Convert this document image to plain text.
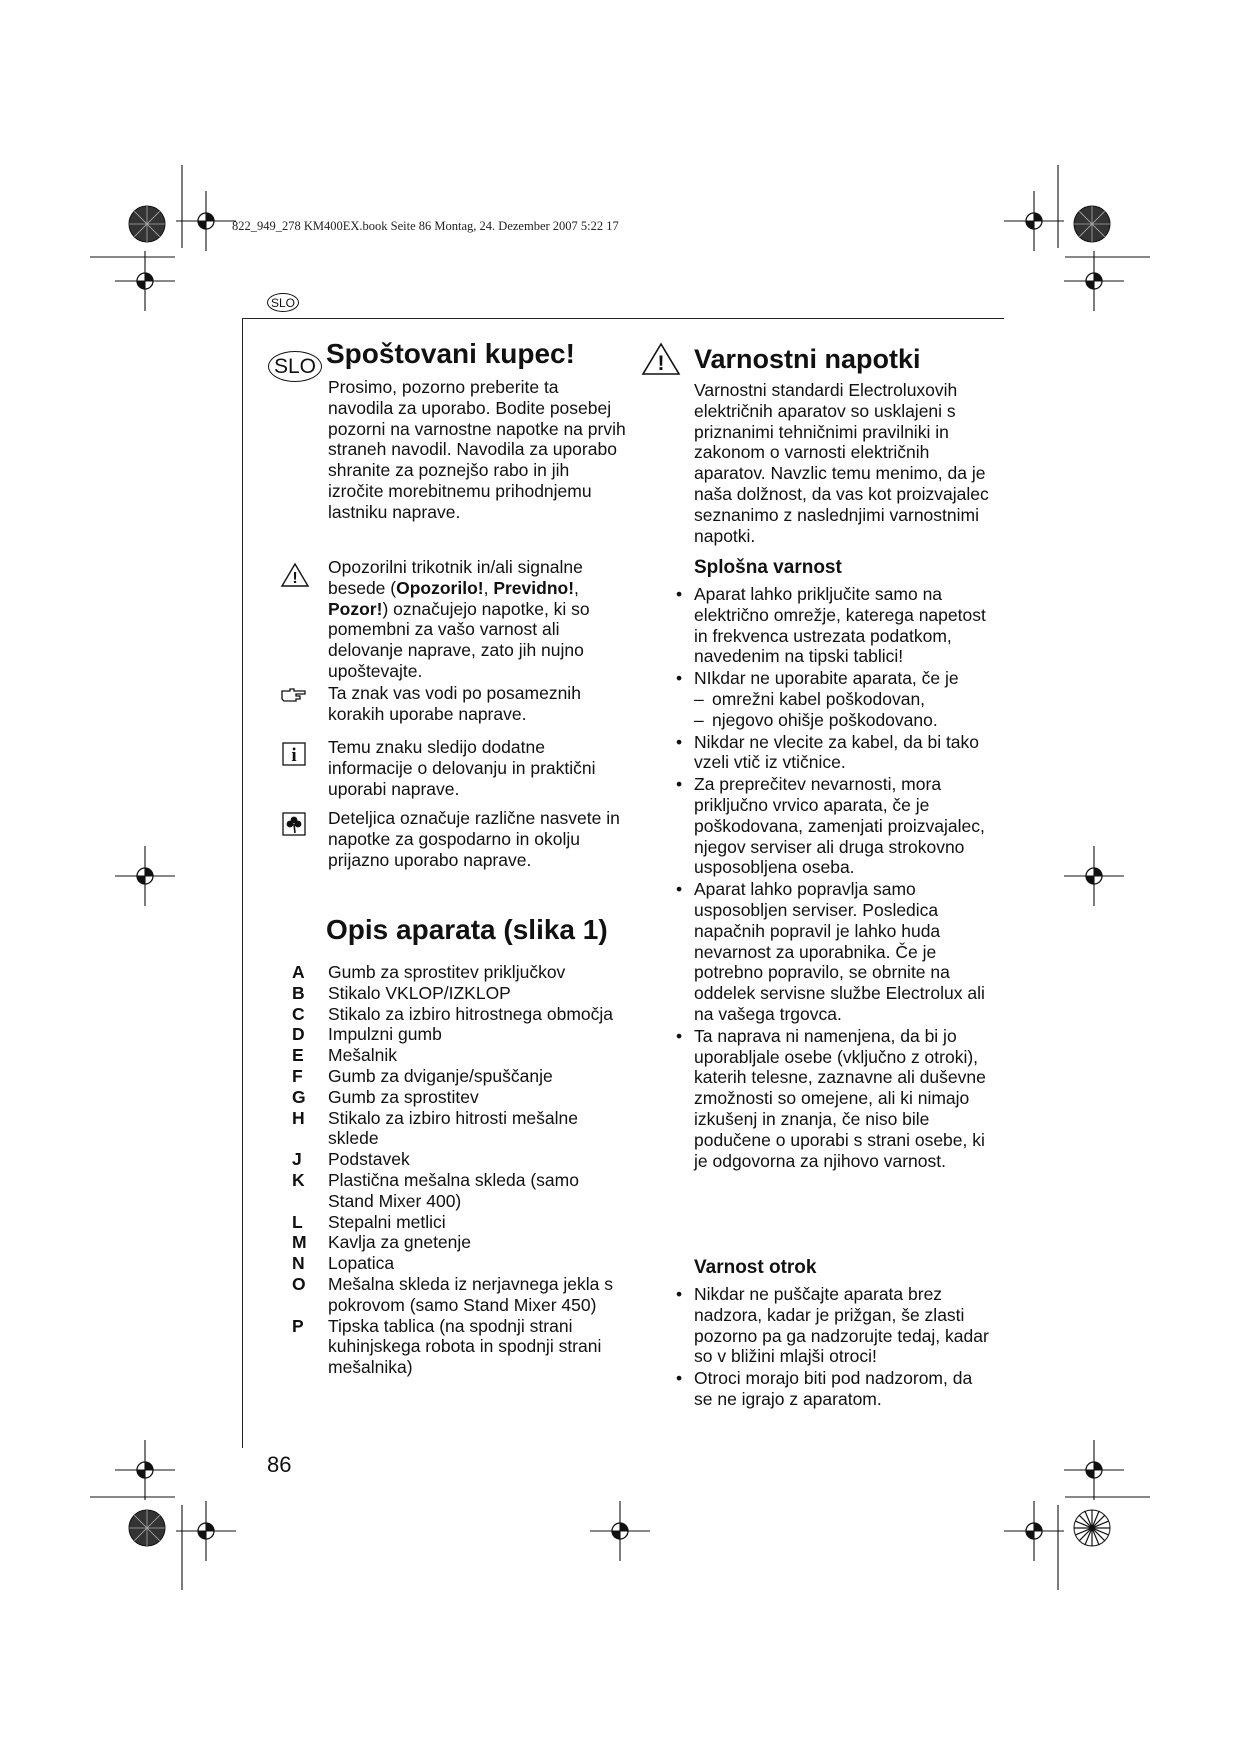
822_949_278 KM400EX.book Seite 86 Montag, 24. Dezember 2007 5:22 17
SLO
SLO Spoštovani kupec!

Prosimo, pozorno preberite ta navodila za uporabo. Bodite posebej pozorni na varnostne napotke na prvih straneh navodil. Navodila za uporabo shranite za poznejšo rabo in jih izročite morebitnemu prihodnjemu lastniku naprave.

!

Opozorilni trikotnik in/ali signalne besede (Opozorilo!, Previdno!, Pozor!) označujejo napotke, ki so pomembni za vašo varnost ali delovanje naprave, zato jih nujno upoštevajte.

Ta znak vas vodi po posameznih korakih uporabe naprave.

i Temu znaku sledijo dodatne informacije o delovanju in praktični uporabi naprave.

Deteljica označuje različne nasvete in napotke za gospodarno in okolju prijazno uporabo naprave.

Opis aparata (slika 1)
A	Gumb za sprostitev priključkov
B	Stikalo VKLOP/IZKLOP
C	Stikalo za izbiro hitrostnega območja
D	Impulzni gumb
E	Mešalnik
F	Gumb za dviganje/spuščanje
G	Gumb za sprostitev
H	Stikalo za izbiro hitrosti mešalne sklede
J	Podstavek
K	Plastična mešalna skleda (samo Stand Mixer 400)
L	Stepalni metlici
M	Kavlja za gnetenje
N	Lopatica
O	Mešalna skleda iz nerjavnega jekla s pokrovom (samo Stand Mixer 450)
P	Tipska tablica (na spodnji strani kuhinjskega robota in spodnji strani mešalnika)
! Varnostni napotki

Varnostni standardi Electroluxovih električnih aparatov so usklajeni s priznanimi tehničnimi pravilniki in zakonom o varnosti električnih aparatov. Navzlic temu menimo, da je naša dolžnost, da vas kot proizvajalec seznanimo z naslednjimi varnostnimi napotki.

Splošna varnost
• Aparat lahko priključite samo na električno omrežje, katerega napetost in frekvenca ustrezata podatkom, navedenim na tipski tablici!
• NIkdar ne uporabite aparata, če je
– omrežni kabel poškodovan,
– njegovo ohišje poškodovano.
• Nikdar ne vlecite za kabel, da bi tako vzeli vtič iz vtičnice.
• Za preprečitev nevarnosti, mora priključno vrvico aparata, če je poškodovana, zamenjati proizvajalec, njegov serviser ali druga strokovno usposobljena oseba.
• Aparat lahko popravlja samo usposobljen serviser. Posledica napačnih popravil je lahko huda nevarnost za uporabnika. Če je potrebno popravilo, se obrnite na oddelek servisne službe Electrolux ali na vašega trgovca.
• Ta naprava ni namenjena, da bi jo uporabljale osebe (vključno z otroki), katerih telesne, zaznavne ali duševne zmožnosti so omejene, ali ki nimajo izkušenj in znanja, če niso bile podučene o uporabi s strani osebe, ki je odgovorna za njihovo varnost.
Varnost otrok
• Nikdar ne puščajte aparata brez nadzora, kadar je prižgan, še zlasti pozorno pa ga nadzorujte tedaj, kadar so v bližini mlajši otroci!
• Otroci morajo biti pod nadzorom, da se ne igrajo z aparatom.
86
